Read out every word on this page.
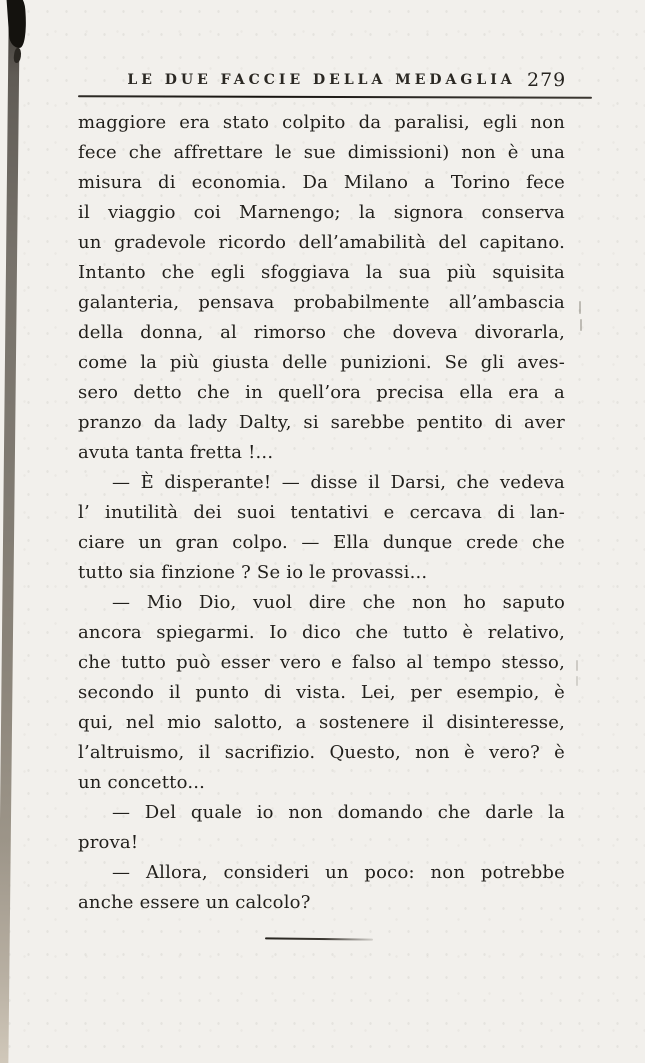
LE DUE FACCIE DELLA MEDAGLIA 279
maggiore era stato colpito da paralisi, egli non
fece che affrettare le sue dimissioni) non è una
misura di economia. Da Milano a Torino fece
il viaggio coi Marnengo; la signora conserva
un gradevole ricordo dell’amabilità del capitano.
Intanto che egli sfoggiava la sua più squisita
galanteria, pensava probabilmente all’ambascia
della donna, al rimorso che doveva divorarla,
come la più giusta delle punizioni. Se gli aves-
sero detto che in quell’ora precisa ella era a
pranzo da lady Dalty, si sarebbe pentito di aver
avuta tanta fretta !...
— È disperante! — disse il Darsi, che vedeva
l’ inutilità dei suoi tentativi e cercava di lan-
ciare un gran colpo. — Ella dunque crede che
tutto sia finzione ? Se io le provassi...
— Mio Dio, vuol dire che non ho saputo
ancora spiegarmi. Io dico che tutto è relativo,
che tutto può esser vero e falso al tempo stesso,
secondo il punto di vista. Lei, per esempio, è
qui, nel mio salotto, a sostenere il disinteresse,
l’altruismo, il sacrifizio. Questo, non è vero? è
un concetto...
— Del quale io non domando che darle la
prova!
— Allora, consideri un poco: non potrebbe
anche essere un calcolo?
